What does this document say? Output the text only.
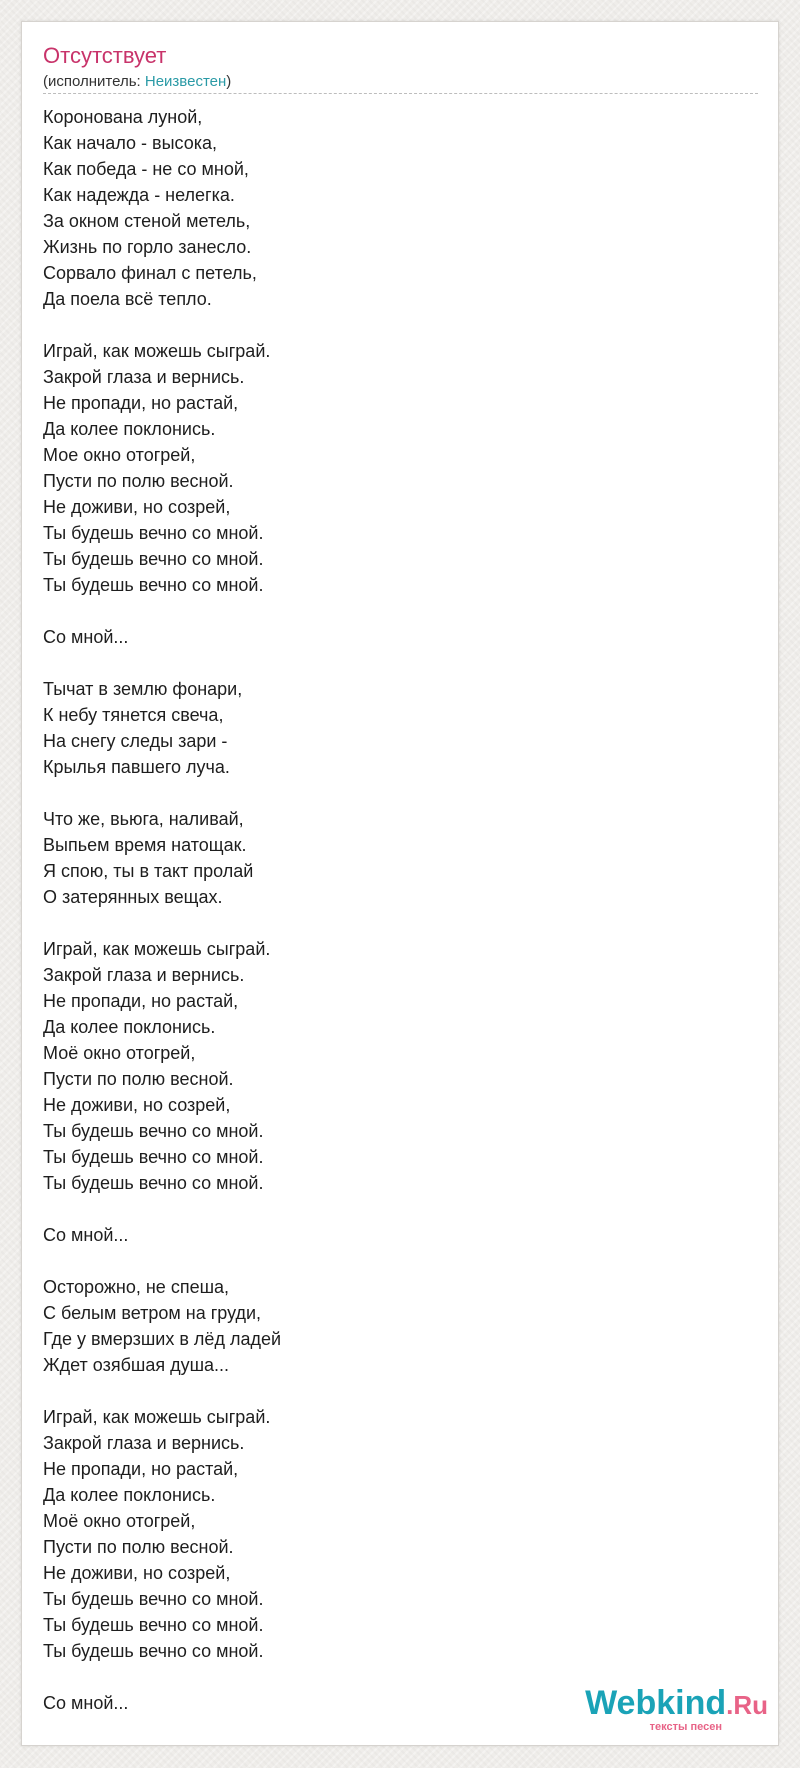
Отсутствует
(исполнитель: Неизвестен)
Коронована луной,
Как начало - высока,
Как победа - не со мной,
Как надежда - нелегка.
За окном стеной метель,
Жизнь по горло занесло.
Сорвало финал с петель,
Да поела всё тепло.
Играй, как можешь сыграй.
Закрой глаза и вернись.
Не пропади, но растай,
Да колее поклонись.
Мое окно отогрей,
Пусти по полю весной.
Не доживи, но созрей,
Ты будешь вечно со мной.
Ты будешь вечно со мной.
Ты будешь вечно со мной.
Со мной...
Тычат в землю фонари,
К небу тянется свеча,
На снегу следы зари -
Крылья павшего луча.
Что же, вьюга, наливай,
Выпьем время натощак.
Я спою, ты в такт пролай
О затерянных вещах.
Играй, как можешь сыграй.
Закрой глаза и вернись.
Не пропади, но растай,
Да колее поклонись.
Моё окно отогрей,
Пусти по полю весной.
Не доживи, но созрей,
Ты будешь вечно со мной.
Ты будешь вечно со мной.
Ты будешь вечно со мной.
Со мной...
Осторожно, не спеша,
С белым ветром на груди,
Где у вмерзших в лёд ладей
Ждет озябшая душа...
Играй, как можешь сыграй.
Закрой глаза и вернись.
Не пропади, но растай,
Да колее поклонись.
Моё окно отогрей,
Пусти по полю весной.
Не доживи, но созрей,
Ты будешь вечно со мной.
Ты будешь вечно со мной.
Ты будешь вечно со мной.
Со мной...	Webkind.Ru
тексты песен
